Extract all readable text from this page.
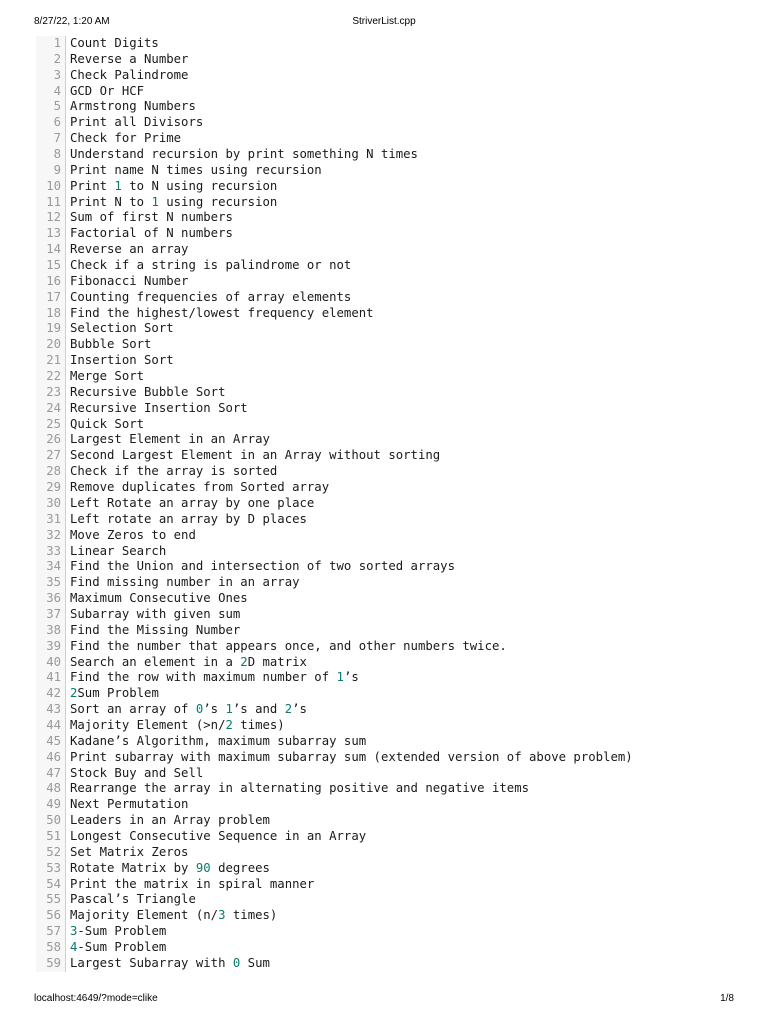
8/27/22, 1:20 AM	StriverList.cpp
1 Count Digits
2 Reverse a Number
3 Check Palindrome
4 GCD Or HCF
5 Armstrong Numbers
6 Print all Divisors
7 Check for Prime
8 Understand recursion by print something N times
9 Print name N times using recursion
10 Print 1 to N using recursion
11 Print N to 1 using recursion
12 Sum of first N numbers
13 Factorial of N numbers
14 Reverse an array
15 Check if a string is palindrome or not
16 Fibonacci Number
17 Counting frequencies of array elements
18 Find the highest/lowest frequency element
19 Selection Sort
20 Bubble Sort
21 Insertion Sort
22 Merge Sort
23 Recursive Bubble Sort
24 Recursive Insertion Sort
25 Quick Sort
26 Largest Element in an Array
27 Second Largest Element in an Array without sorting
28 Check if the array is sorted
29 Remove duplicates from Sorted array
30 Left Rotate an array by one place
31 Left rotate an array by D places
32 Move Zeros to end
33 Linear Search
34 Find the Union and intersection of two sorted arrays
35 Find missing number in an array
36 Maximum Consecutive Ones
37 Subarray with given sum
38 Find the Missing Number
39 Find the number that appears once, and other numbers twice.
40 Search an element in a 2D matrix
41 Find the row with maximum number of 1’s
42 2Sum Problem
43 Sort an array of 0’s 1’s and 2’s
44 Majority Element (>n/2 times)
45 Kadane’s Algorithm, maximum subarray sum
46 Print subarray with maximum subarray sum (extended version of above problem)
47 Stock Buy and Sell
48 Rearrange the array in alternating positive and negative items
49 Next Permutation
50 Leaders in an Array problem
51 Longest Consecutive Sequence in an Array
52 Set Matrix Zeros
53 Rotate Matrix by 90 degrees
54 Print the matrix in spiral manner
55 Pascal’s Triangle
56 Majority Element (n/3 times)
57 3-Sum Problem
58 4-Sum Problem
59 Largest Subarray with 0 Sum
localhost:4649/?mode=clike	1/8
